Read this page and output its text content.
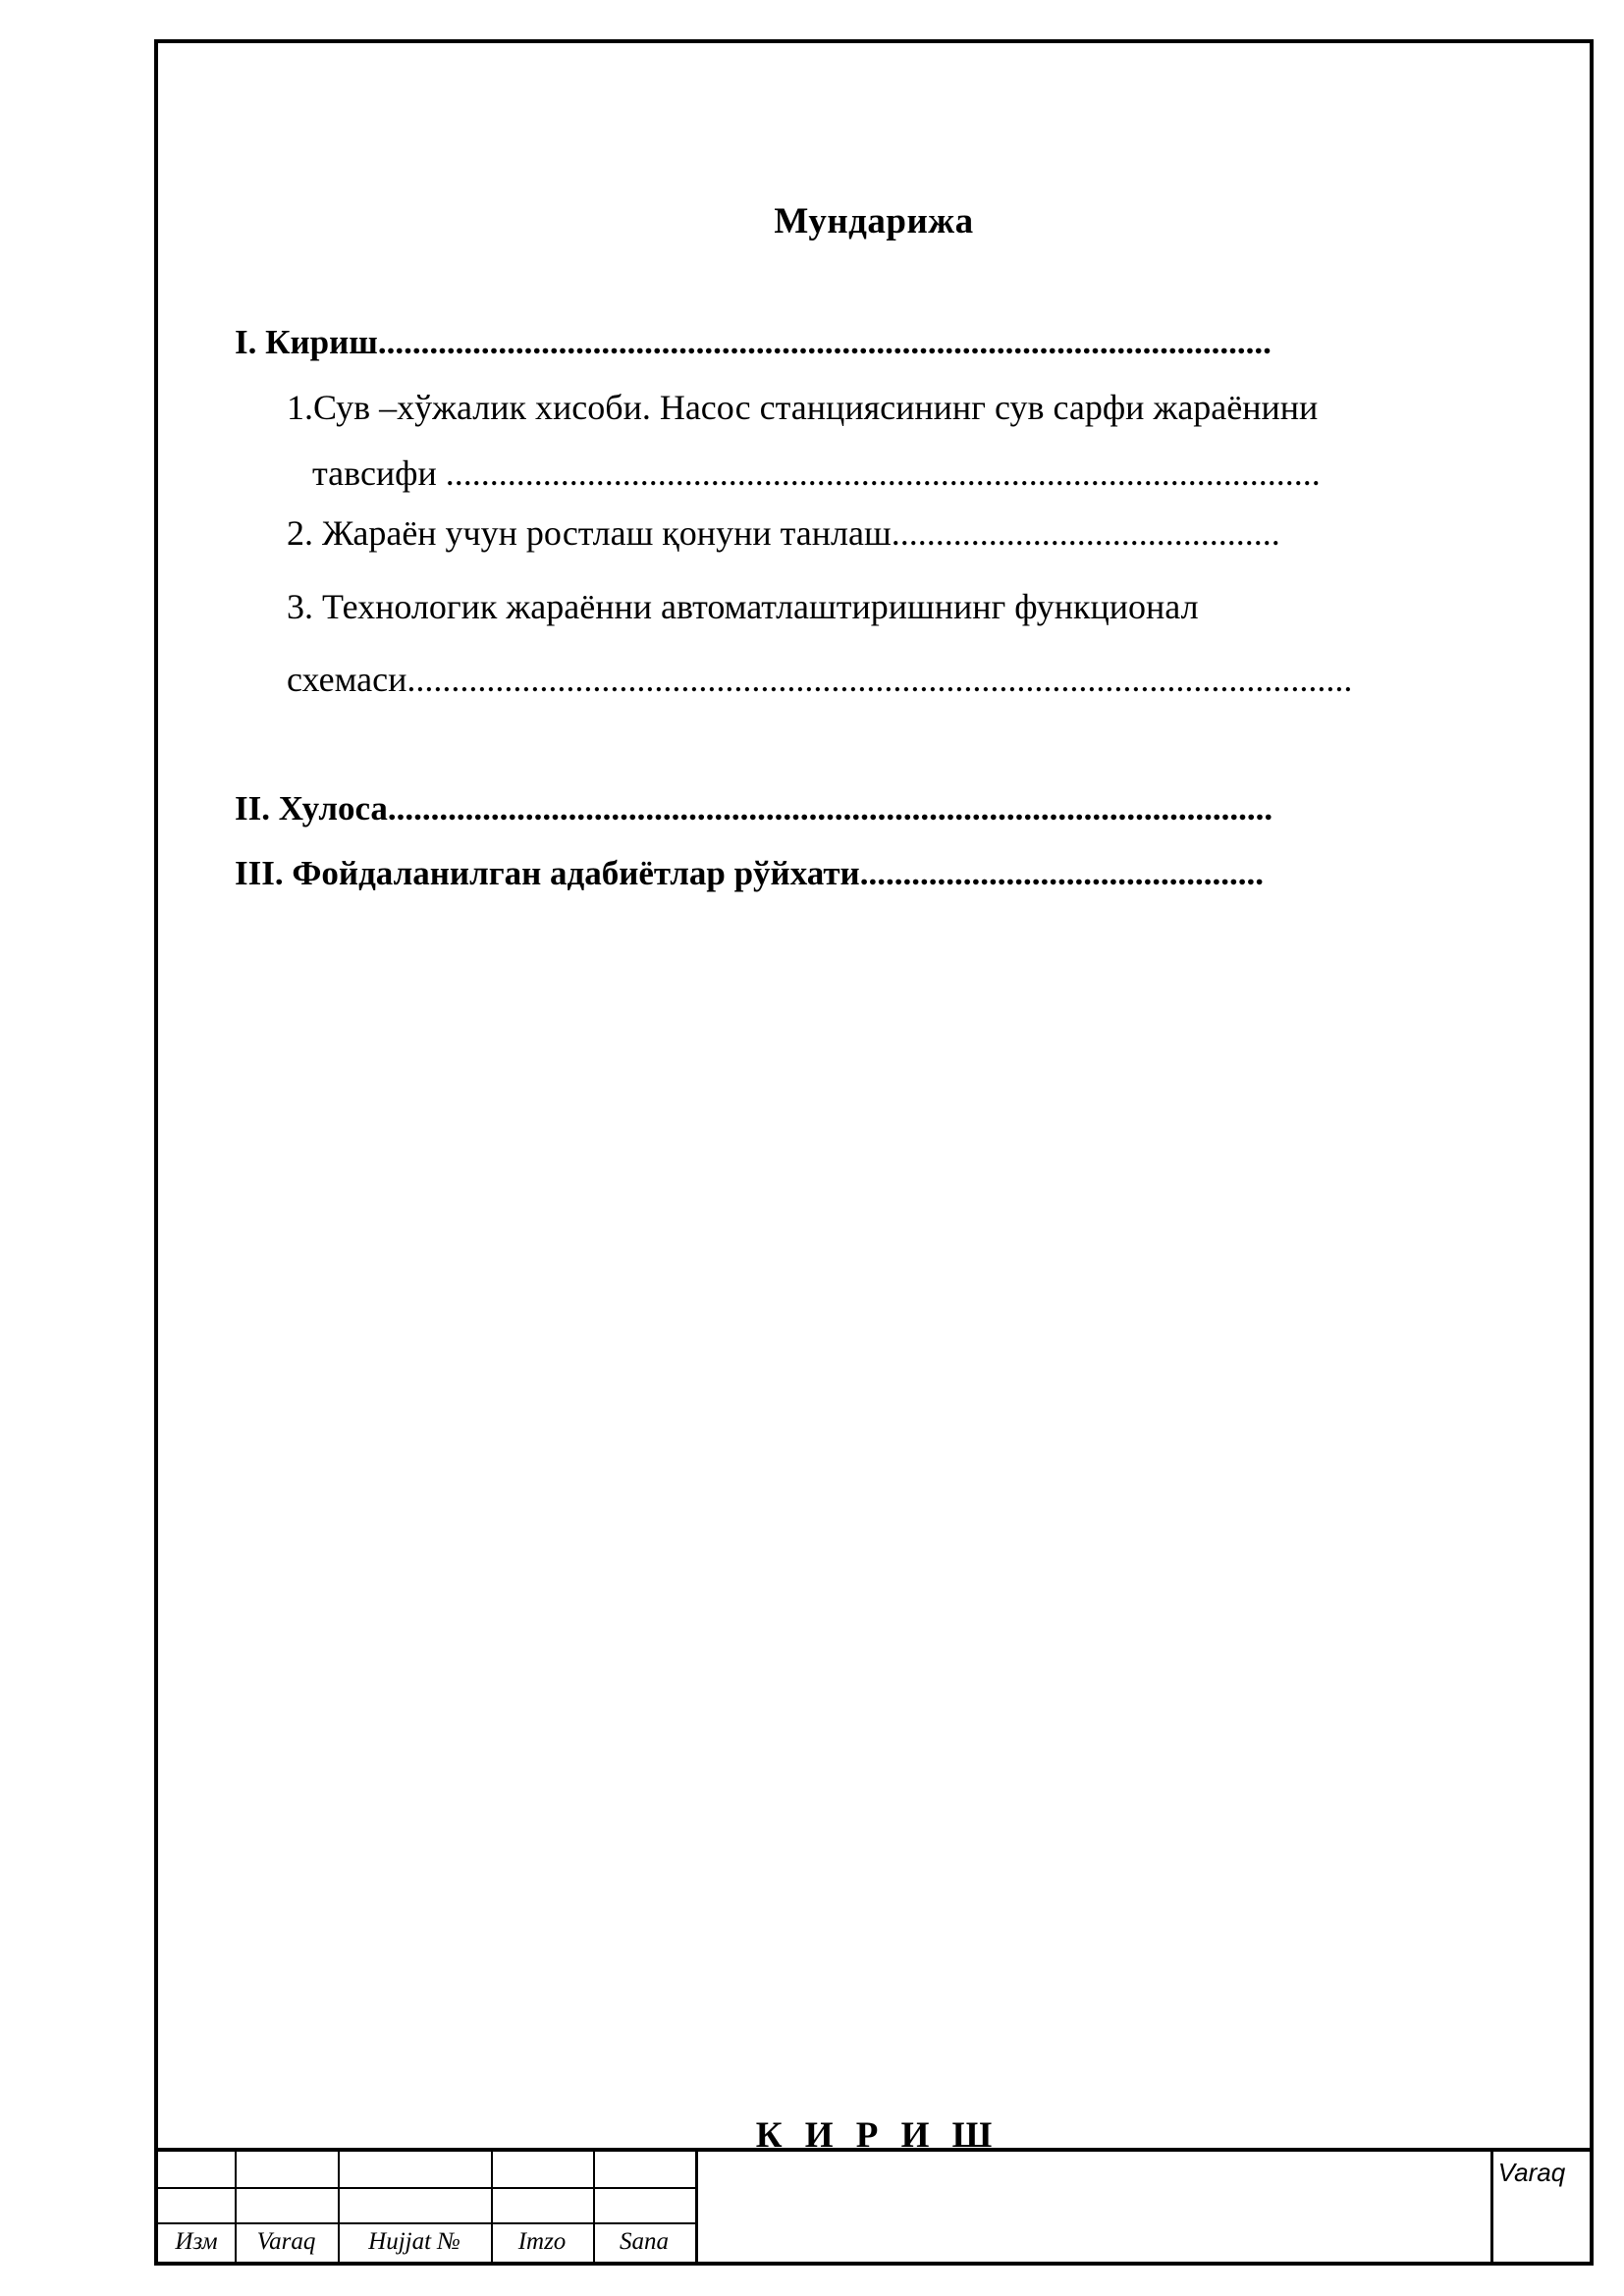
Мундарижа
I. Кириш........................................................................................................
1.Сув –хўжалик хисоби. Насос станциясининг сув сарфи жараёнини
тавсифи ...................................................................................................
2. Жараён учун ростлаш қонуни танлаш............................................
3. Технологик жараённи автоматлаштиришнинг функционал
схемаси...........................................................................................................
II. Хулоса.......................................................................................................
III. Фойдаланилган адабиётлар рўйхати...............................................
К И Р И Ш
Изм	Varaq	Hujjat №	Imzo	Sana
Varaq
